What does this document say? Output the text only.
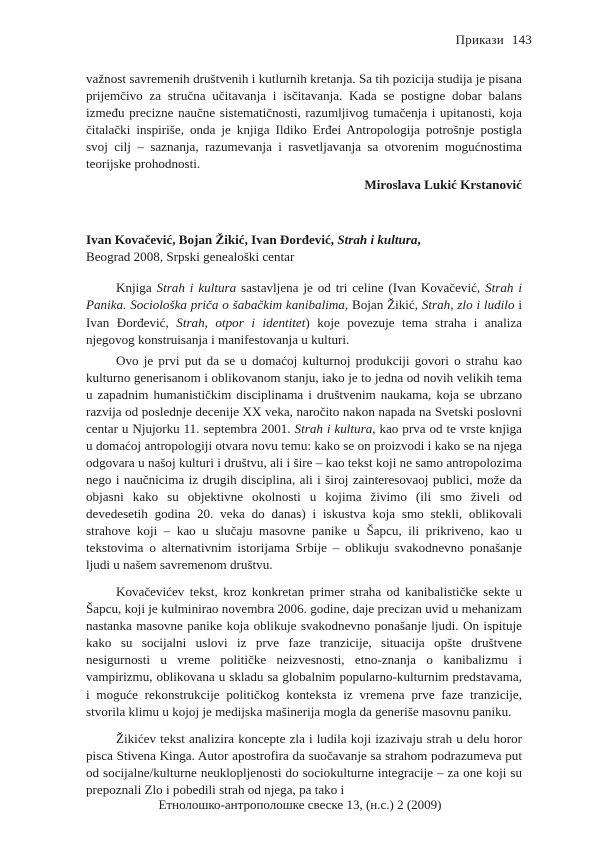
Прикази 143

važnost savremenih društvenih i kutlurnih kretanja. Sa tih pozicija studija je pisana prijemčivo za stručna učitavanja i isčitavanja. Kada se postigne dobar balans između precizne naučne sistematičnosti, razumljivog tumačenja i upitanosti, koja čitalački inspiriše, onda je knjiga Ildiko Erđei Antropologija potrošnje postigla svoj cilj – saznanja, razumevanja i rasvetljavanja sa otvorenim mogućnostima teorijske prohodnosti.

Miroslava Lukić Krstanović

Ivan Kovačević, Bojan Žikić, Ivan Đorđević, Strah i kultura,

Beograd 2008, Srpski genealoški centar

Knjiga Strah i kultura sastavljena je od tri celine (Ivan Kovačević, Strah i Panika. Sociološka priča o šabačkim kanibalima, Bojan Žikić, Strah, zlo i ludilo i Ivan Đorđević, Strah, otpor i identitet) koje povezuje tema straha i analiza njegovog konstruisanja i manifestovanja u kulturi.

Ovo je prvi put da se u domaćoj kulturnoj produkciji govori o strahu kao kulturno generisanom i oblikovanom stanju, iako je to jedna od novih velikih tema u zapadnim humanističkim disciplinama i društvenim naukama, koja se ubrzano razvija od poslednje decenije XX veka, naročito nakon napada na Svetski poslovni centar u Njujorku 11. septembra 2001. Strah i kultura, kao prva od te vrste knjiga u domaćoj antropologiji otvara novu temu: kako se on proizvodi i kako se na njega odgovara u našoj kulturi i društvu, ali i šire – kao tekst koji ne samo antropolozima nego i naučnicima iz drugih disciplina, ali i široj zainteresovaoj publici, može da objasni kako su objektivne okolnosti u kojima živimo (ili smo živeli od devedesetih godina 20. veka do danas) i iskustva koja smo stekli, oblikovali strahove koji – kao u slučaju masovne panike u Šapcu, ili prikriveno, kao u tekstovima o alternativnim istorijama Srbije – oblikuju svakodnevno ponašanje ljudi u našem savremenom društvu.

Kovačevićev tekst, kroz konkretan primer straha od kanibalističke sekte u Šapcu, koji je kulminirao novembra 2006. godine, daje precizan uvid u mehanizam nastanka masovne panike koja oblikuje svakodnevno ponašanje ljudi. On ispituje kako su socijalni uslovi iz prve faze tranzicije, situacija opšte društvene nesigurnosti u vreme političke neizvesnosti, etno-znanja o kanibalizmu i vampirizmu, oblikovana u skladu sa globalnim popularno-kulturnim predstavama, i moguće rekonstrukcije političkog konteksta iz vremena prve faze tranzicije, stvorila klimu u kojoj je medijska mašinerija mogla da generiše masovnu paniku.

Žikićev tekst analizira koncepte zla i ludila koji izazivaju strah u delu horor pisca Stivena Kinga. Autor apostrofira da suočavanje sa strahom podrazumeva put od socijalne/kulturne neuklopljenosti do sociokulturne integracije – za one koji su prepoznali Zlo i pobedili strah od njega, pa tako i

Етнолошко-антрополошке свеске 13, (н.с.) 2 (2009)
